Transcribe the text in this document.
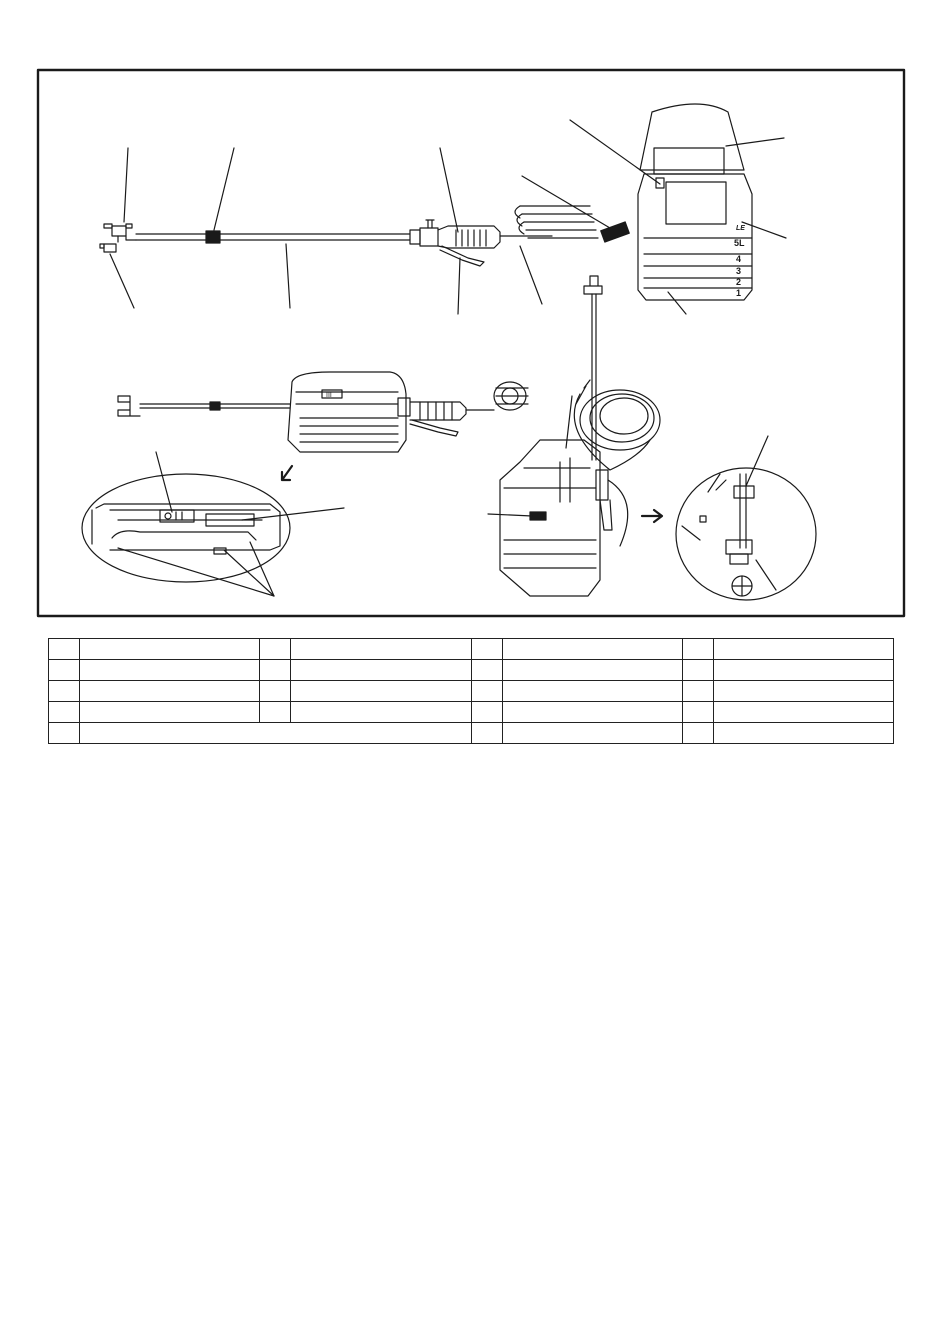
LE
5L
4
3
2
1
III
